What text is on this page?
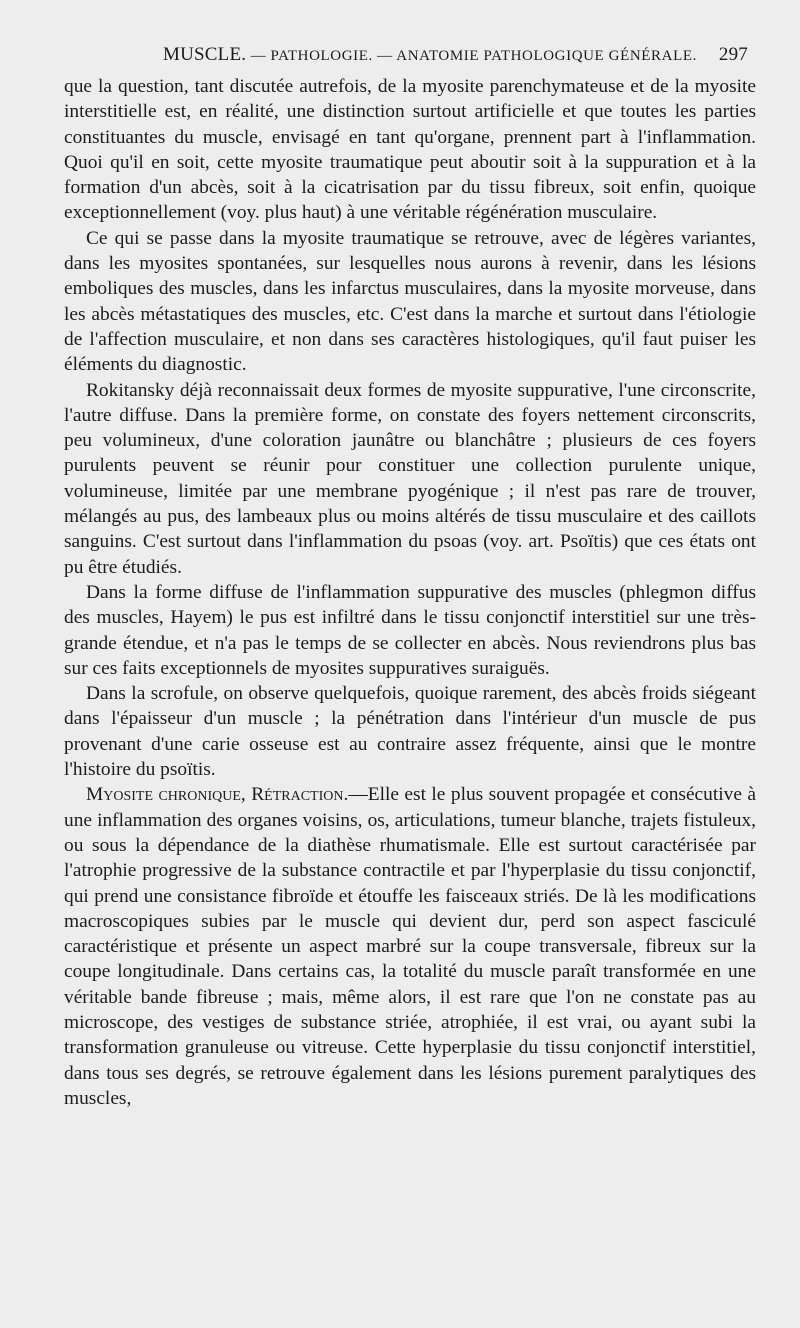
MUSCLE. — PATHOLOGIE. — ANATOMIE PATHOLOGIQUE GÉNÉRALE. 297

que la question, tant discutée autrefois, de la myosite parenchymateuse et de la myosite interstitielle est, en réalité, une distinction surtout artificielle et que toutes les parties constituantes du muscle, envisagé en tant qu'organe, prennent part à l'inflammation. Quoi qu'il en soit, cette myosite traumatique peut aboutir soit à la suppuration et à la formation d'un abcès, soit à la cicatrisation par du tissu fibreux, soit enfin, quoique exceptionnellement (voy. plus haut) à une véritable régénération musculaire.

Ce qui se passe dans la myosite traumatique se retrouve, avec de légères variantes, dans les myosites spontanées, sur lesquelles nous aurons à revenir, dans les lésions emboliques des muscles, dans les infarctus musculaires, dans la myosite morveuse, dans les abcès métastatiques des muscles, etc. C'est dans la marche et surtout dans l'étiologie de l'affection musculaire, et non dans ses caractères histologiques, qu'il faut puiser les éléments du diagnostic.

Rokitansky déjà reconnaissait deux formes de myosite suppurative, l'une circonscrite, l'autre diffuse. Dans la première forme, on constate des foyers nettement circonscrits, peu volumineux, d'une coloration jaunâtre ou blanchâtre ; plusieurs de ces foyers purulents peuvent se réunir pour constituer une collection purulente unique, volumineuse, limitée par une membrane pyogénique ; il n'est pas rare de trouver, mélangés au pus, des lambeaux plus ou moins altérés de tissu musculaire et des caillots sanguins. C'est surtout dans l'inflammation du psoas (voy. art. Psoïtis) que ces états ont pu être étudiés.

Dans la forme diffuse de l'inflammation suppurative des muscles (phlegmon diffus des muscles, Hayem) le pus est infiltré dans le tissu conjonctif interstitiel sur une très-grande étendue, et n'a pas le temps de se collecter en abcès. Nous reviendrons plus bas sur ces faits exceptionnels de myosites suppuratives suraiguës.

Dans la scrofule, on observe quelquefois, quoique rarement, des abcès froids siégeant dans l'épaisseur d'un muscle ; la pénétration dans l'intérieur d'un muscle de pus provenant d'une carie osseuse est au contraire assez fréquente, ainsi que le montre l'histoire du psoïtis.

Myosite chronique, Rétraction.—Elle est le plus souvent propagée et consécutive à une inflammation des organes voisins, os, articulations, tumeur blanche, trajets fistuleux, ou sous la dépendance de la diathèse rhumatismale. Elle est surtout caractérisée par l'atrophie progressive de la substance contractile et par l'hyperplasie du tissu conjonctif, qui prend une consistance fibroïde et étouffe les faisceaux striés. De là les modifications macroscopiques subies par le muscle qui devient dur, perd son aspect fasciculé caractéristique et présente un aspect marbré sur la coupe transversale, fibreux sur la coupe longitudinale. Dans certains cas, la totalité du muscle paraît transformée en une véritable bande fibreuse ; mais, même alors, il est rare que l'on ne constate pas au microscope, des vestiges de substance striée, atrophiée, il est vrai, ou ayant subi la transformation granuleuse ou vitreuse. Cette hyperplasie du tissu conjonctif interstitiel, dans tous ses degrés, se retrouve également dans les lésions purement paralytiques des muscles,
